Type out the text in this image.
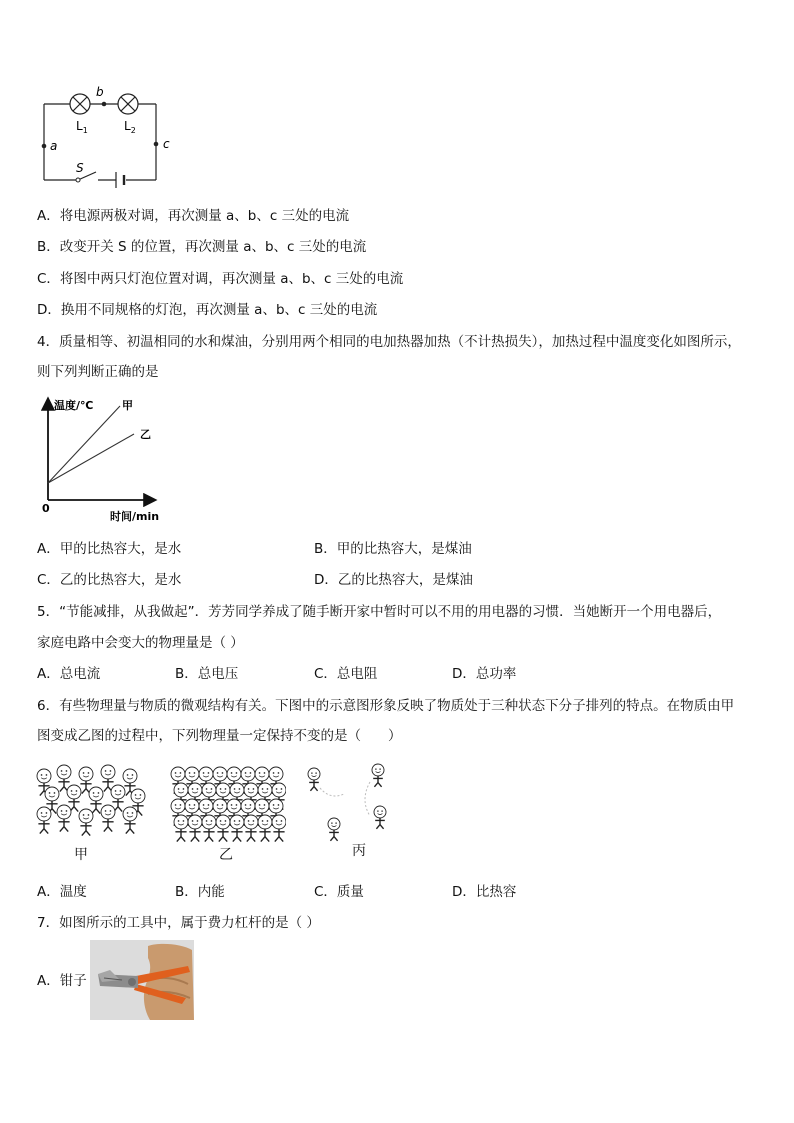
b
$L_1$	$L_2$
a	c
S
A．将电源两极对调，再次测量 a、b、c 三处的电流
B．改变开关 S 的位置，再次测量 a、b、c 三处的电流
C．将图中两只灯泡位置对调，再次测量 a、b、c 三处的电流
D．换用不同规格的灯泡，再次测量 a、b、c 三处的电流
4．质量相等、初温相同的水和煤油，分别用两个相同的电加热器加热（不计热损失），加热过程中温度变化如图所示，
则下列判断正确的是
温度/℃	甲
乙
0
时间/min
A．甲的比热容大，是水	B．甲的比热容大，是煤油
C．乙的比热容大，是水	D．乙的比热容大，是煤油
5．“节能减排，从我做起”．芳芳同学养成了随手断开家中暂时可以不用的用电器的习惯．当她断开一个用电器后，
家庭电路中会变大的物理量是（ ）
A．总电流	B．总电压	C．总电阻	D．总功率
6．有些物理量与物质的微观结构有关。下图中的示意图形象反映了物质处于三种状态下分子排列的特点。在物质由甲
图变成乙图的过程中，下列物理量一定保持不变的是（　　）
甲	乙	丙
A．温度	B．内能	C．质量	D．比热容
7．如图所示的工具中，属于费力杠杆的是（ ）
A．钳子
